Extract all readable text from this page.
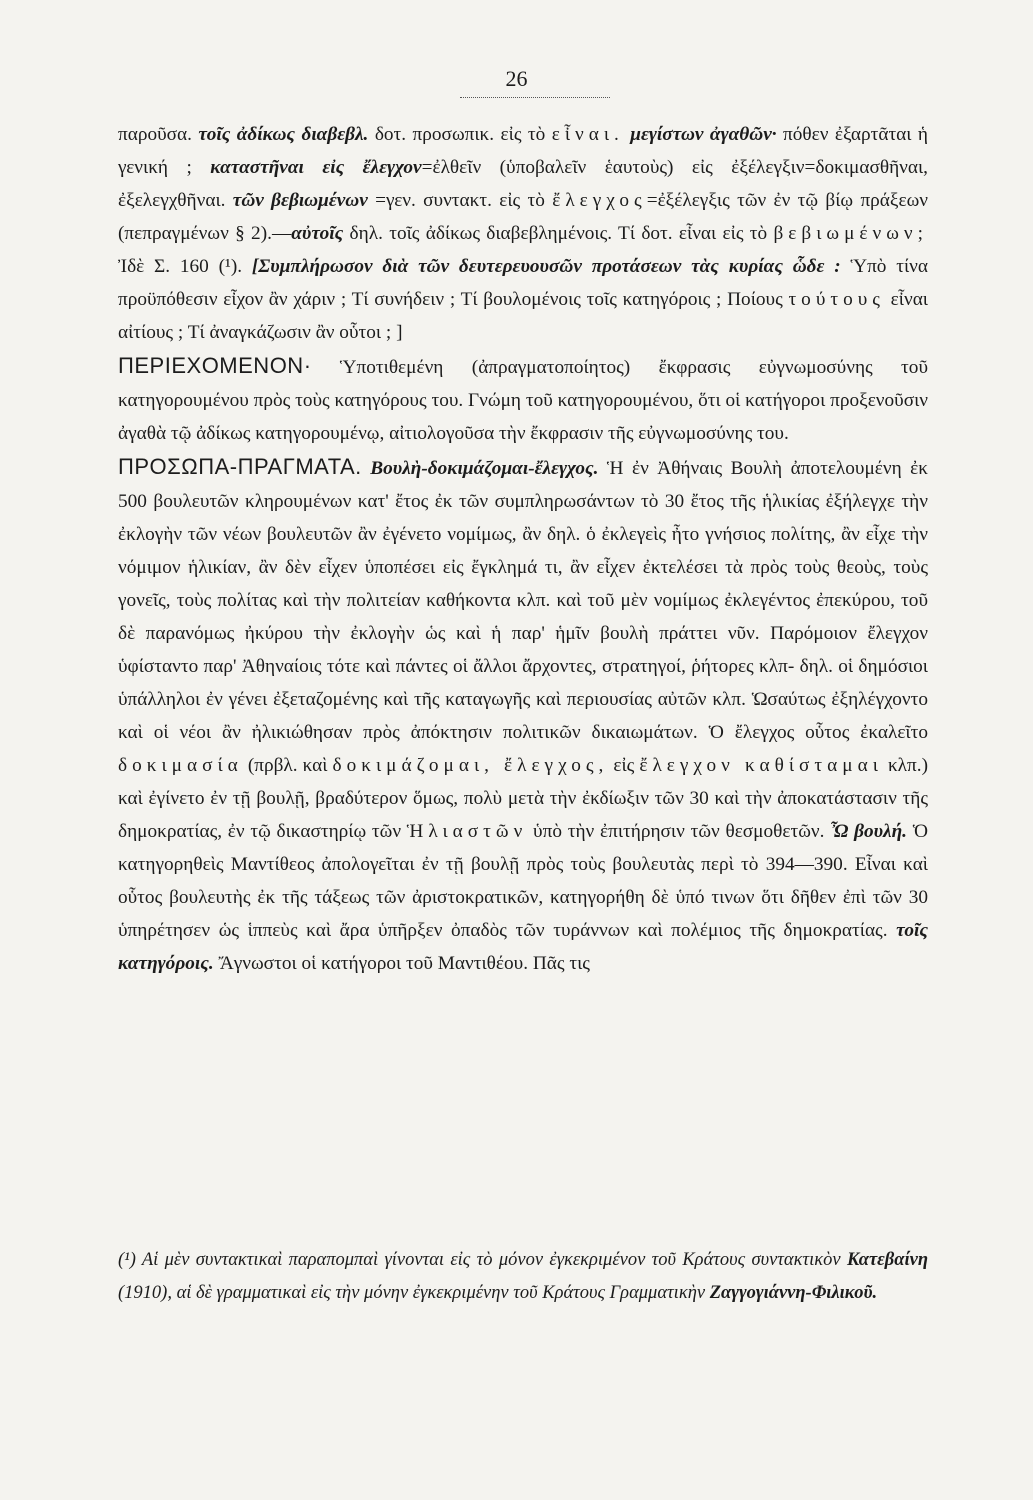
26

παροῦσα. τοῖς ἀδίκως διαβεβλ. δοτ. προσωπικ. εἰς τὸ εἶναι. μεγίστων ἀγαθῶν· πόθεν ἐξαρτᾶται ἡ γενική ; καταστῆναι εἰς ἔλεγχον=ἐλθεῖν (ὑποβαλεῖν ἑαυτοὺς) εἰς ἐξέλεγξιν=δοκιμασθῆναι, ἐξελεγχθῆναι. τῶν βεβιωμένων =γεν. συντακτ. εἰς τὸ ἔλεγχος=ἐξέλεγξις τῶν ἐν τῷ βίῳ πράξεων (πεπραγμένων § 2).—αὐτοῖς δηλ. τοῖς ἀδίκως διαβεβλημένοις. Τί δοτ. εἶναι εἰς τὸ βεβιωμένων; Ἰδὲ Σ. 160 (¹). [Συμπλήρωσον διὰ τῶν δευτερευουσῶν προτάσεων τὰς κυρίας ὧδε : Ὑπὸ τίνα προϋπόθεσιν εἶχον ἂν χάριν ; Τί συνήδειν ; Τί βουλομένοις τοῖς κατηγόροις ; Ποίους τούτους εἶναι αἰτίους ; Τί ἀναγκάζωσιν ἂν οὗτοι ; ]

ΠΕΡΙΕΧΟΜΕΝΟΝ· Ὑποτιθεμένη (ἀπραγματοποίητος) ἔκφρασις εὐγνωμοσύνης τοῦ κατηγορουμένου πρὸς τοὺς κατηγόρους του. Γνώμη τοῦ κατηγορουμένου, ὅτι οἱ κατήγοροι προξενοῦσιν ἀγαθὰ τῷ ἀδίκως κατηγορουμένῳ, αἰτιολογοῦσα τὴν ἔκφρασιν τῆς εὐγνωμοσύνης του.

ΠΡΟΣΩΠΑ-ΠΡΑΓΜΑΤΑ. Βουλὴ-δοκιμάζομαι-ἔλεγχος. Ἡ ἐν Ἀθήναις Βουλὴ ἀποτελουμένη ἐκ 500 βουλευτῶν κληρουμένων κατ' ἔτος ἐκ τῶν συμπληρωσάντων τὸ 30 ἔτος τῆς ἡλικίας ἐξήλεγχε τὴν ἐκλογὴν τῶν νέων βουλευτῶν ἂν ἐγένετο νομίμως, ἂν δηλ. ὁ ἐκλεγεὶς ἦτο γνήσιος πολίτης, ἂν εἶχε τὴν νόμιμον ἡλικίαν, ἂν δὲν εἶχεν ὑποπέσει εἰς ἔγκλημά τι, ἂν εἶχεν ἐκτελέσει τὰ πρὸς τοὺς θεοὺς, τοὺς γονεῖς, τοὺς πολίτας καὶ τὴν πολιτείαν καθήκοντα κλπ. καὶ τοῦ μὲν νομίμως ἐκλεγέντος ἐπεκύρου, τοῦ δὲ παρανόμως ἠκύρου τὴν ἐκλογὴν ὡς καὶ ἡ παρ' ἡμῖν βουλὴ πράττει νῦν. Παρόμοιον ἔλεγχον ὑφίσταντο παρ' Ἀθηναίοις τότε καὶ πάντες οἱ ἄλλοι ἄρχοντες, στρατηγοί, ῥήτορες κλπ- δηλ. οἱ δημόσιοι ὑπάλληλοι ἐν γένει ἐξεταζομένης καὶ τῆς καταγωγῆς καὶ περιουσίας αὐτῶν κλπ. Ὡσαύτως ἐξηλέγχοντο καὶ οἱ νέοι ἂν ἠλικιώθησαν πρὸς ἀπόκτησιν πολιτικῶν δικαιωμάτων. Ὁ ἔλεγχος οὗτος ἐκαλεῖτο δοκιμασία (πρβλ. καὶ δοκιμάζομαι, ἔλεγχος, εἰς ἔλεγχον καθίσταμαι κλπ.) καὶ ἐγίνετο ἐν τῇ βουλῇ, βραδύτερον ὅμως, πολὺ μετὰ τὴν ἐκδίωξιν τῶν 30 καὶ τὴν ἀποκατάστασιν τῆς δημοκρατίας, ἐν τῷ δικαστηρίῳ τῶν Ἡλιαστῶν ὑπὸ τὴν ἐπιτήρησιν τῶν θεσμοθετῶν. Ὦ βουλή. Ὁ κατηγορηθεὶς Μαντίθεος ἀπολογεῖται ἐν τῇ βουλῇ πρὸς τοὺς βουλευτὰς περὶ τὸ 394—390. Εἶναι καὶ οὗτος βουλευτὴς ἐκ τῆς τάξεως τῶν ἀριστοκρατικῶν, κατηγορήθη δὲ ὑπό τινων ὅτι δῆθεν ἐπὶ τῶν 30 ὑπηρέτησεν ὡς ἱππεὺς καὶ ἄρα ὑπῆρξεν ὀπαδὸς τῶν τυράννων καὶ πολέμιος τῆς δημοκρατίας. τοῖς κατηγόροις. Ἄγνωστοι οἱ κατήγοροι τοῦ Μαντιθέου. Πᾶς τις

(¹) Αἱ μὲν συντακτικαὶ παραπομπαὶ γίνονται εἰς τὸ μόνον ἐγκεκριμένον τοῦ Κράτους συντακτικὸν Κατεβαίνη (1910), αἱ δὲ γραμματικαὶ εἰς τὴν μόνην ἐγκεκριμένην τοῦ Κράτους Γραμματικὴν Ζαγγογιάννη-Φιλικοῦ.
